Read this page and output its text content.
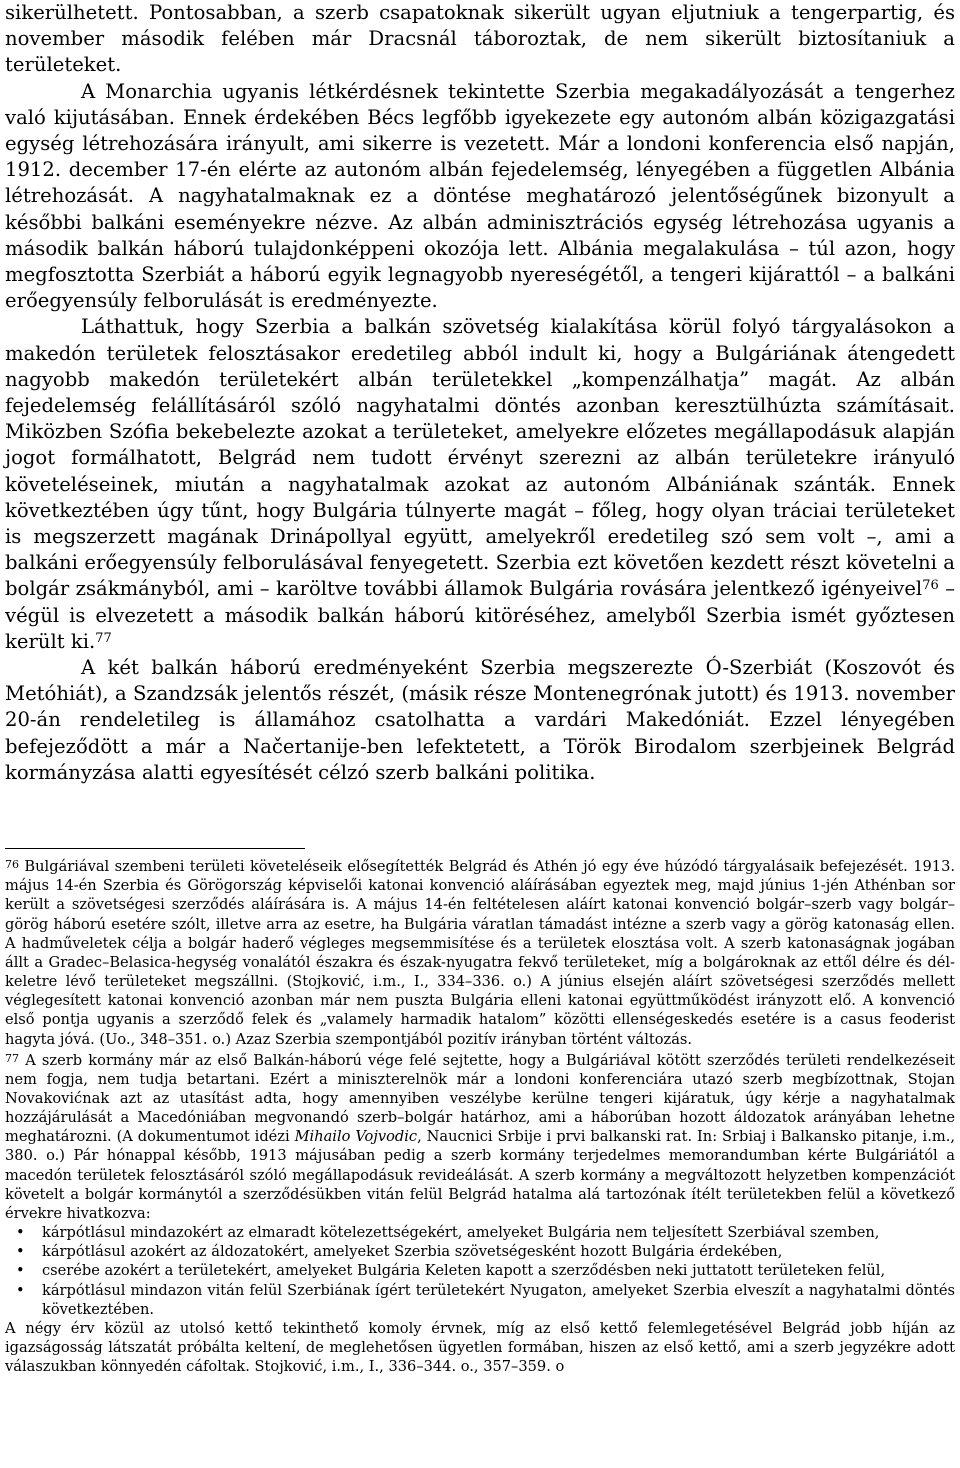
sikerülhetett. Pontosabban, a szerb csapatoknak sikerült ugyan eljutniuk a tengerpartig, és november második felében már Dracsnál táboroztak, de nem sikerült biztosítaniuk a területeket.

A Monarchia ugyanis létkérdésnek tekintette Szerbia megakadályozását a tengerhez való kijutásában. Ennek érdekében Bécs legfőbb igyekezete egy autonóm albán közigazgatási egység létrehozására irányult, ami sikerre is vezetett. Már a londoni konferencia első napján, 1912. december 17-én elérte az autonóm albán fejedelemség, lényegében a független Albánia létrehozását. A nagyhatalmaknak ez a döntése meghatározó jelentőségűnek bizonyult a későbbi balkáni eseményekre nézve. Az albán adminisztrációs egység létrehozása ugyanis a második balkán háború tulajdonképpeni okozója lett. Albánia megalakulása – túl azon, hogy megfosztotta Szerbiát a háború egyik legnagyobb nyereségétől, a tengeri kijárattól – a balkáni erőegyensúly felborulását is eredményezte.

Láthattuk, hogy Szerbia a balkán szövetség kialakítása körül folyó tárgyalásokon a makedón területek felosztásakor eredetileg abból indult ki, hogy a Bulgáriának átengedett nagyobb makedón területekért albán területekkel „kompenzálhatja” magát. Az albán fejedelemség felállításáról szóló nagyhatalmi döntés azonban keresztülhúzta számításait. Miközben Szófia bekebelezte azokat a területeket, amelyekre előzetes megállapodásuk alapján jogot formálhatott, Belgrád nem tudott érvényt szerezni az albán területekre irányuló követeléseinek, miután a nagyhatalmak azokat az autonóm Albániának szánták. Ennek következtében úgy tűnt, hogy Bulgária túlnyerte magát – főleg, hogy olyan tráciai területeket is megszerzett magának Drinápollyal együtt, amelyekről eredetileg szó sem volt –, ami a balkáni erőegyensúly felborulásával fenyegetett. Szerbia ezt követően kezdett részt követelni a bolgár zsákmányból, ami – karöltve további államok Bulgária rovására jelentkező igényeivel$^{76}$ – végül is elvezetett a második balkán háború kitöréséhez, amelyből Szerbia ismét győztesen került ki.$^{77}$

A két balkán háború eredményeként Szerbia megszerezte Ó-Szerbiát (Koszovót és Metóhiát), a Szandzsák jelentős részét, (másik része Montenegrónak jutott) és 1913. november 20-án rendeletileg is államához csatolhatta a vardári Makedóniát. Ezzel lényegében befejeződött a már a Načertanije-ben lefektetett, a Török Birodalom szerbjeinek Belgrád kormányzása alatti egyesítését célzó szerb balkáni politika.

$^{76}$ Bulgáriával szembeni területi követeléseik elősegítették Belgrád és Athén jó egy éve húzódó tárgyalásaik befejezését. 1913. május 14-én Szerbia és Görögország képviselői katonai konvenció aláírásában egyeztek meg, majd június 1-jén Athénban sor került a szövetségesi szerződés aláírására is. A május 14-én feltételesen aláírt katonai konvenció bolgár–szerb vagy bolgár–görög háború esetére szólt, illetve arra az esetre, ha Bulgária váratlan támadást intézne a szerb vagy a görög katonaság ellen. A hadműveletek célja a bolgár haderő végleges megsemmisítése és a területek elosztása volt. A szerb katonaságnak jogában állt a Gradec–Belasica-hegység vonalától északra és észak-nyugatra fekvő területeket, míg a bolgároknak az ettől délre és dél-keletre lévő területeket megszállni. (Stojković, i.m., I., 334–336. o.) A június elsején aláírt szövetségesi szerződés mellett véglegesített katonai konvenció azonban már nem puszta Bulgária elleni katonai együttműködést irányzott elő. A konvenció első pontja ugyanis a szerződő felek és „valamely harmadik hatalom” közötti ellenségeskedés esetére is a casus feoderist hagyta jóvá. (Uo., 348–351. o.) Azaz Szerbia szempontjából pozitív irányban történt változás.

$^{77}$ A szerb kormány már az első Balkán-háború vége felé sejtette, hogy a Bulgáriával kötött szerződés területi rendelkezéseit nem fogja, nem tudja betartani. Ezért a miniszterelnök már a londoni konferenciára utazó szerb megbízottnak, Stojan Novakovićnak azt az utasítást adta, hogy amennyiben veszélybe kerülne tengeri kijáratuk, úgy kérje a nagyhatalmak hozzájárulását a Macedóniában megvonandó szerb–bolgár határhoz, ami a háborúban hozott áldozatok arányában lehetne meghatározni. (A dokumentumot idézi Mihailo Vojvodic, Naucnici Srbije i prvi balkanski rat. In: Srbiaj i Balkansko pitanje, i.m., 380. o.) Pár hónappal később, 1913 májusában pedig a szerb kormány terjedelmes memorandumban kérte Bulgáriától a macedón területek felosztásáról szóló megállapodásuk revideálását. A szerb kormány a megváltozott helyzetben kompenzációt követelt a bolgár kormánytól a szerződésükben vitán felül Belgrád hatalma alá tartozónak ítélt területekben felül a következő érvekre hivatkozva:

• kárpótlásul mindazokért az elmaradt kötelezettségekért, amelyeket Bulgária nem teljesített Szerbiával szemben,
• kárpótlásul azokért az áldozatokért, amelyeket Szerbia szövetségesként hozott Bulgária érdekében,
• cserébe azokért a területekért, amelyeket Bulgária Keleten kapott a szerződésben neki juttatott területeken felül,
• kárpótlásul mindazon vitán felül Szerbiának ígért területekért Nyugaton, amelyeket Szerbia elveszít a nagyhatalmi döntés következtében.

A négy érv közül az utolsó kettő tekinthető komoly érvnek, míg az első kettő felemlegetésével Belgrád jobb híján az igazságosság látszatát próbálta keltení, de meglehetősen ügyetlen formában, hiszen az első kettő, ami a szerb jegyzékre adott válaszukban könnyedén cáfoltak. Stojković, i.m., I., 336–344. o., 357–359. o
